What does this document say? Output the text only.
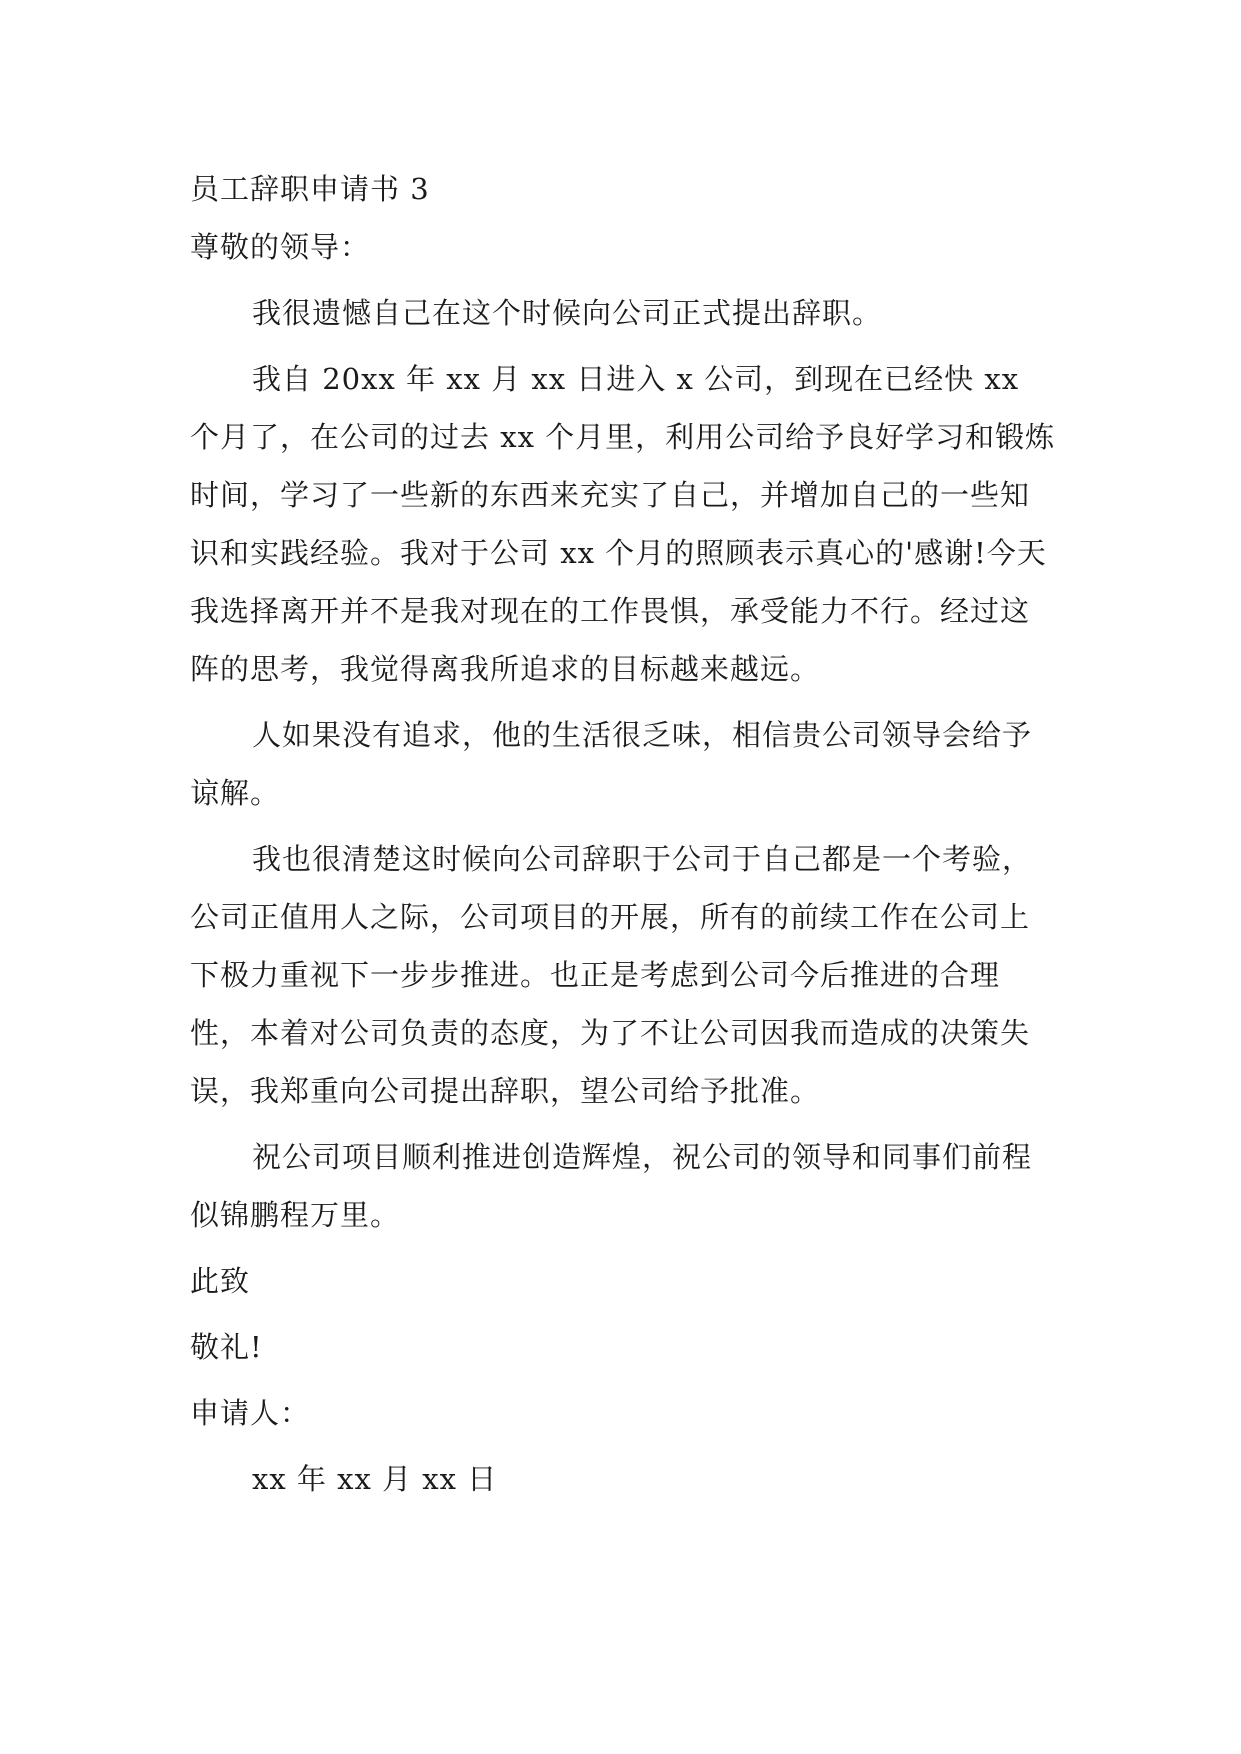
员工辞职申请书 3

尊敬的领导：

我很遗憾自己在这个时候向公司正式提出辞职。

我自 20xx 年 xx 月 xx 日进入 x 公司，到现在已经快 xx 个月了，在公司的过去 xx 个月里，利用公司给予良好学习和锻炼时间，学习了一些新的东西来充实了自己，并增加自己的一些知识和实践经验。我对于公司 xx 个月的照顾表示真心的'感谢!今天我选择离开并不是我对现在的工作畏惧，承受能力不行。经过这阵的思考，我觉得离我所追求的目标越来越远。

人如果没有追求，他的生活很乏味，相信贵公司领导会给予谅解。

我也很清楚这时候向公司辞职于公司于自己都是一个考验，公司正值用人之际，公司项目的开展，所有的前续工作在公司上下极力重视下一步步推进。也正是考虑到公司今后推进的合理性，本着对公司负责的态度，为了不让公司因我而造成的决策失误，我郑重向公司提出辞职，望公司给予批准。

祝公司项目顺利推进创造辉煌，祝公司的领导和同事们前程似锦鹏程万里。

此致

敬礼!

申请人：

xx 年 xx 月 xx 日
